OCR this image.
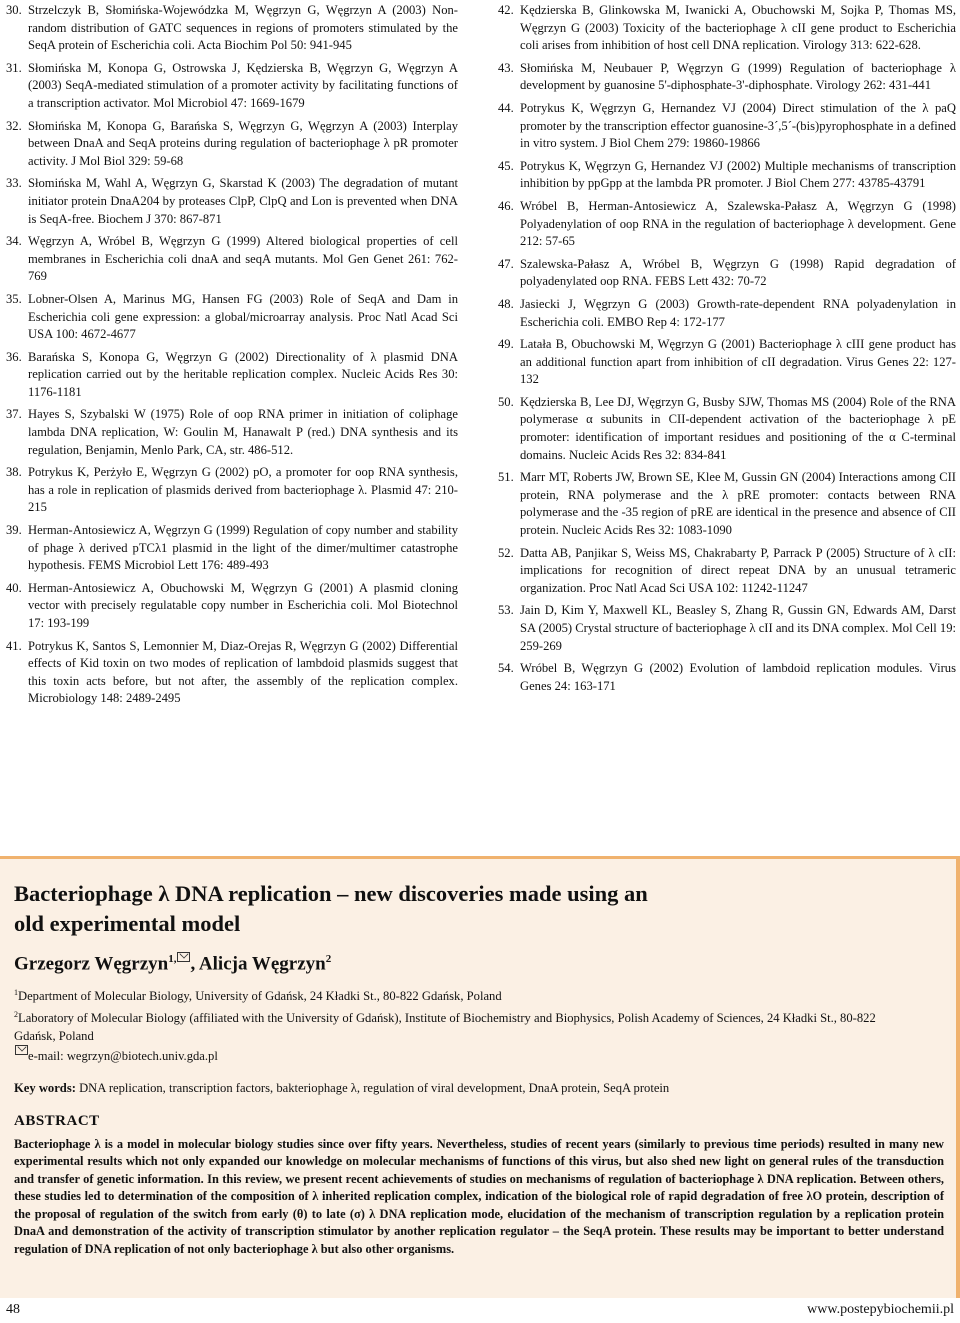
30. Strzelczyk B, Słomińska-Wojewódzka M, Węgrzyn G, Węgrzyn A (2003) Non-random distribution of GATC sequences in regions of promoters stimulated by the SeqA protein of Escherichia coli. Acta Biochim Pol 50: 941-945
31. Słomińska M, Konopa G, Ostrowska J, Kędzierska B, Węgrzyn G, Węgrzyn A (2003) SeqA-mediated stimulation of a promoter activity by facilitating functions of a transcription activator. Mol Microbiol 47: 1669-1679
32. Słomińska M, Konopa G, Barańska S, Węgrzyn G, Węgrzyn A (2003) Interplay between DnaA and SeqA proteins during regulation of bacteriophage λ pR promoter activity. J Mol Biol 329: 59-68
33. Słomińska M, Wahl A, Węgrzyn G, Skarstad K (2003) The degradation of mutant initiator protein DnaA204 by proteases ClpP, ClpQ and Lon is prevented when DNA is SeqA-free. Biochem J 370: 867-871
34. Węgrzyn A, Wróbel B, Węgrzyn G (1999) Altered biological properties of cell membranes in Escherichia coli dnaA and seqA mutants. Mol Gen Genet 261: 762-769
35. Lobner-Olsen A, Marinus MG, Hansen FG (2003) Role of SeqA and Dam in Escherichia coli gene expression: a global/microarray analysis. Proc Natl Acad Sci USA 100: 4672-4677
36. Barańska S, Konopa G, Węgrzyn G (2002) Directionality of λ plasmid DNA replication carried out by the heritable replication complex. Nucleic Acids Res 30: 1176-1181
37. Hayes S, Szybalski W (1975) Role of oop RNA primer in initiation of coliphage lambda DNA replication, W: Goulin M, Hanawalt P (red.) DNA synthesis and its regulation, Benjamin, Menlo Park, CA, str. 486-512.
38. Potrykus K, Perżyło E, Węgrzyn G (2002) pO, a promoter for oop RNA synthesis, has a role in replication of plasmids derived from bacteriophage λ. Plasmid 47: 210-215
39. Herman-Antosiewicz A, Węgrzyn G (1999) Regulation of copy number and stability of phage λ derived pTCλ1 plasmid in the light of the dimer/multimer catastrophe hypothesis. FEMS Microbiol Lett 176: 489-493
40. Herman-Antosiewicz A, Obuchowski M, Węgrzyn G (2001) A plasmid cloning vector with precisely regulatable copy number in Escherichia coli. Mol Biotechnol 17: 193-199
41. Potrykus K, Santos S, Lemonnier M, Diaz-Orejas R, Węgrzyn G (2002) Differential effects of Kid toxin on two modes of replication of lambdoid plasmids suggest that this toxin acts before, but not after, the assembly of the replication complex. Microbiology 148: 2489-2495
42. Kędzierska B, Glinkowska M, Iwanicki A, Obuchowski M, Sojka P, Thomas MS, Węgrzyn G (2003) Toxicity of the bacteriophage λ cII gene product to Escherichia coli arises from inhibition of host cell DNA replication. Virology 313: 622-628.
43. Słomińska M, Neubauer P, Węgrzyn G (1999) Regulation of bacteriophage λ development by guanosine 5'-diphosphate-3'-diphosphate. Virology 262: 431-441
44. Potrykus K, Węgrzyn G, Hernandez VJ (2004) Direct stimulation of the λ paQ promoter by the transcription effector guanosine-3´,5´-(bis)pyrophosphate in a defined in vitro system. J Biol Chem 279: 19860-19866
45. Potrykus K, Węgrzyn G, Hernandez VJ (2002) Multiple mechanisms of transcription inhibition by ppGpp at the lambda PR promoter. J Biol Chem 277: 43785-43791
46. Wróbel B, Herman-Antosiewicz A, Szalewska-Pałasz A, Węgrzyn G (1998) Polyadenylation of oop RNA in the regulation of bacteriophage λ development. Gene 212: 57-65
47. Szalewska-Pałasz A, Wróbel B, Węgrzyn G (1998) Rapid degradation of polyadenylated oop RNA. FEBS Lett 432: 70-72
48. Jasiecki J, Węgrzyn G (2003) Growth-rate-dependent RNA polyadenylation in Escherichia coli. EMBO Rep 4: 172-177
49. Latała B, Obuchowski M, Węgrzyn G (2001) Bacteriophage λ cIII gene product has an additional function apart from inhibition of cII degradation. Virus Genes 22: 127-132
50. Kędzierska B, Lee DJ, Węgrzyn G, Busby SJW, Thomas MS (2004) Role of the RNA polymerase α subunits in CII-dependent activation of the bacteriophage λ pE promoter: identification of important residues and positioning of the α C-terminal domains. Nucleic Acids Res 32: 834-841
51. Marr MT, Roberts JW, Brown SE, Klee M, Gussin GN (2004) Interactions among CII protein, RNA polymerase and the λ pRE promoter: contacts between RNA polymerase and the -35 region of pRE are identical in the presence and absence of CII protein. Nucleic Acids Res 32: 1083-1090
52. Datta AB, Panjikar S, Weiss MS, Chakrabarty P, Parrack P (2005) Structure of λ cII: implications for recognition of direct repeat DNA by an unusual tetrameric organization. Proc Natl Acad Sci USA 102: 11242-11247
53. Jain D, Kim Y, Maxwell KL, Beasley S, Zhang R, Gussin GN, Edwards AM, Darst SA (2005) Crystal structure of bacteriophage λ cII and its DNA complex. Mol Cell 19: 259-269
54. Wróbel B, Węgrzyn G (2002) Evolution of lambdoid replication modules. Virus Genes 24: 163-171
Bacteriophage λ DNA replication – new discoveries made using an old experimental model
Grzegorz Węgrzyn$^{1,}$ , Alicja Węgrzyn$^2$
$^1$Department of Molecular Biology, University of Gdańsk, 24 Kładki St., 80-822 Gdańsk, Poland
$^2$Laboratory of Molecular Biology (affiliated with the University of Gdańsk), Institute of Biochemistry and Biophysics, Polish Academy of Sciences, 24 Kładki St., 80-822 Gdańsk, Poland
e-mail: wegrzyn@biotech.univ.gda.pl
Key words: DNA replication, transcription factors, bakteriophage λ, regulation of viral development, DnaA protein, SeqA protein
ABSTRACT
Bacteriophage λ is a model in molecular biology studies since over fifty years. Nevertheless, studies of recent years (similarly to previous time periods) resulted in many new experimental results which not only expanded our knowledge on molecular mechanisms of functions of this virus, but also shed new light on general rules of the transduction and transfer of genetic information. In this review, we present recent achievements of studies on mechanisms of regulation of bacteriophage λ DNA replication. Between others, these studies led to determination of the composition of λ inherited replication complex, indication of the biological role of rapid degradation of free λO protein, description of the proposal of regulation of the switch from early (θ) to late (σ) λ DNA replication mode, elucidation of the mechanism of transcription regulation by a replication protein DnaA and demonstration of the activity of transcription stimulator by another replication regulator – the SeqA protein. These results may be important to better understand regulation of DNA replication of not only bacteriophage λ but also other organisms.
48	www.postepybiochemii.pl
